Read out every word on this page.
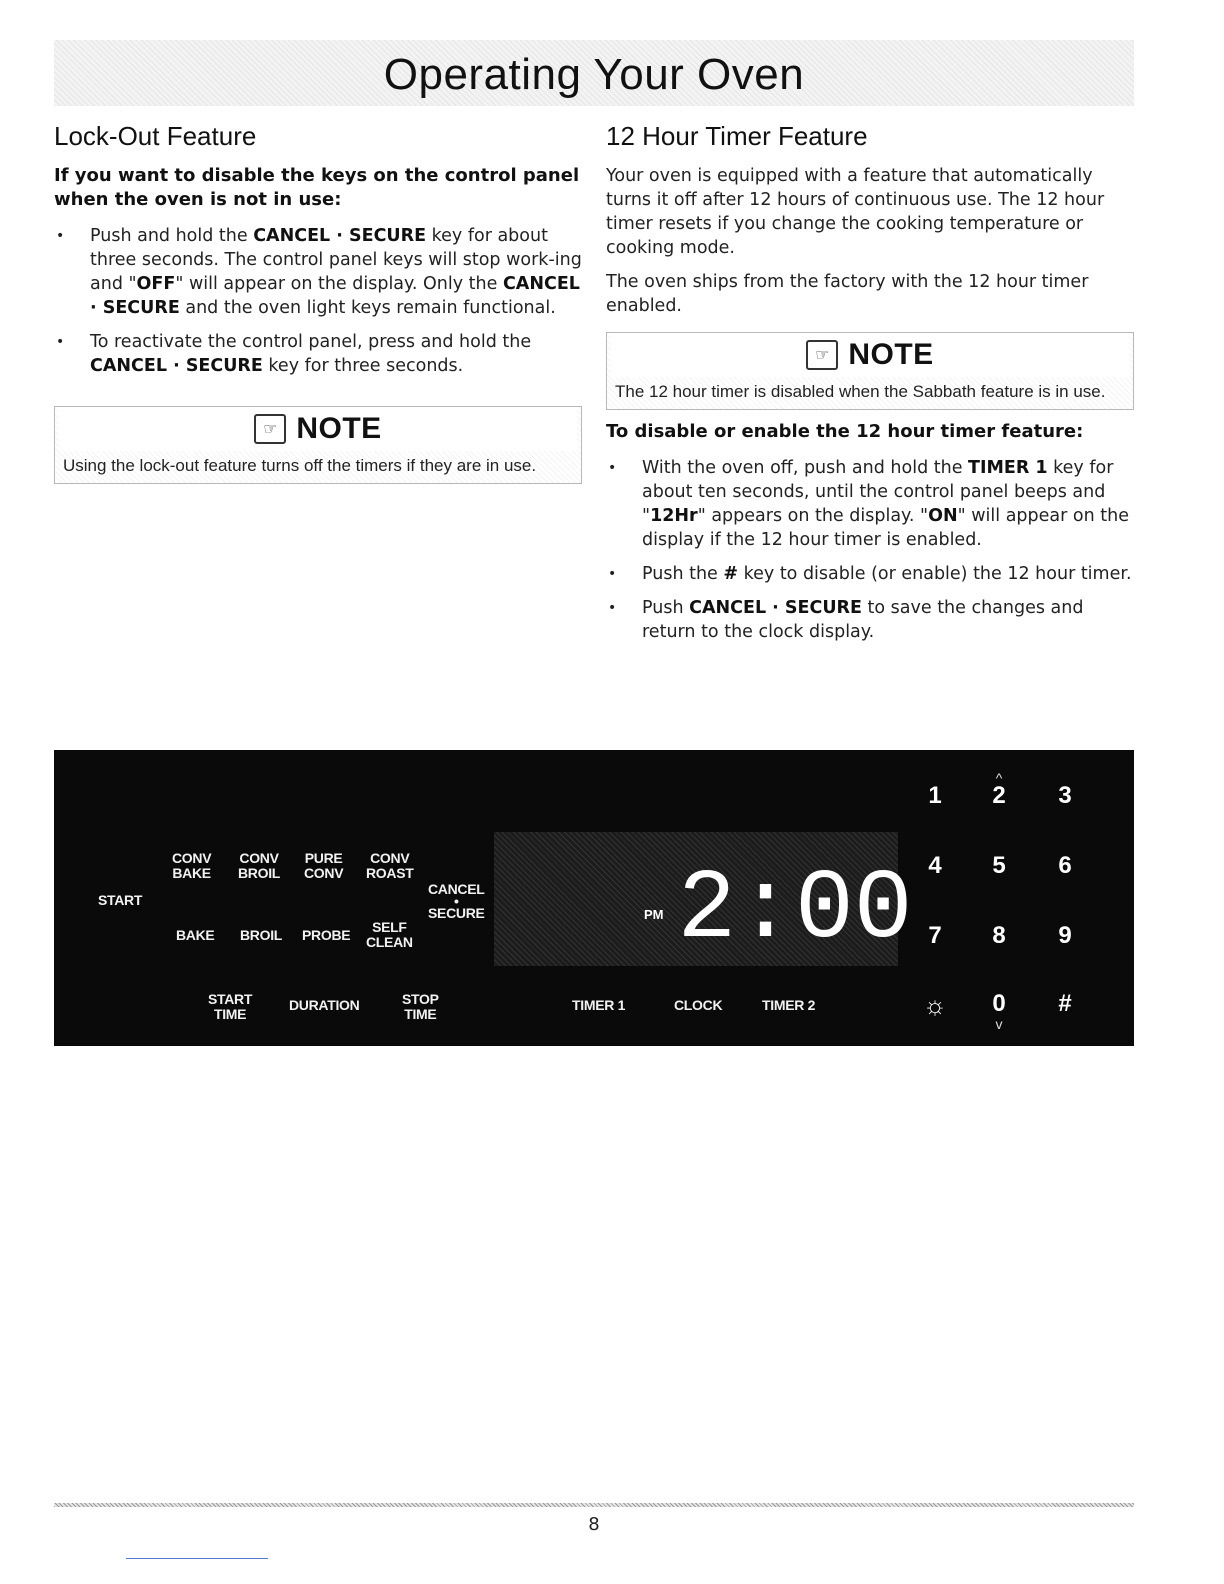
Operating Your Oven
Lock-Out Feature
If you want to disable the keys on the control panel when the oven is not in use:
• Push and hold the CANCEL · SECURE key for about three seconds. The control panel keys will stop work-ing and "OFF" will appear on the display. Only the CANCEL · SECURE and the oven light keys remain functional.
• To reactivate the control panel, press and hold the CANCEL · SECURE key for three seconds.
☞ NOTE
Using the lock-out feature turns off the timers if they are in use.
12 Hour Timer Feature

Your oven is equipped with a feature that automatically turns it off after 12 hours of continuous use. The 12 hour timer resets if you change the cooking temperature or cooking mode.

The oven ships from the factory with the 12 hour timer enabled.

☞ NOTE
The 12 hour timer is disabled when the Sabbath feature is in use.
To disable or enable the 12 hour timer feature:
• With the oven off, push and hold the TIMER 1 key for about ten seconds, until the control panel beeps and "12Hr" appears on the display. "ON" will appear on the display if the 12 hour timer is enabled.
• Push the # key to disable (or enable) the 12 hour timer.
• Push CANCEL · SECURE to save the changes and return to the clock display.
START
CONV
BAKE
CONV
BROIL
PURE
CONV
CONV
ROAST
CANCEL
•
SECURE
BAKE BROIL PROBE	SELF
CLEAN
START
TIME
DURATION	STOP
TIME
TIMER 1	CLOCK	TIMER 2
PM 2:00
^
1	2	3
4	5	6
7	8	9
☼	0
v
#
8
